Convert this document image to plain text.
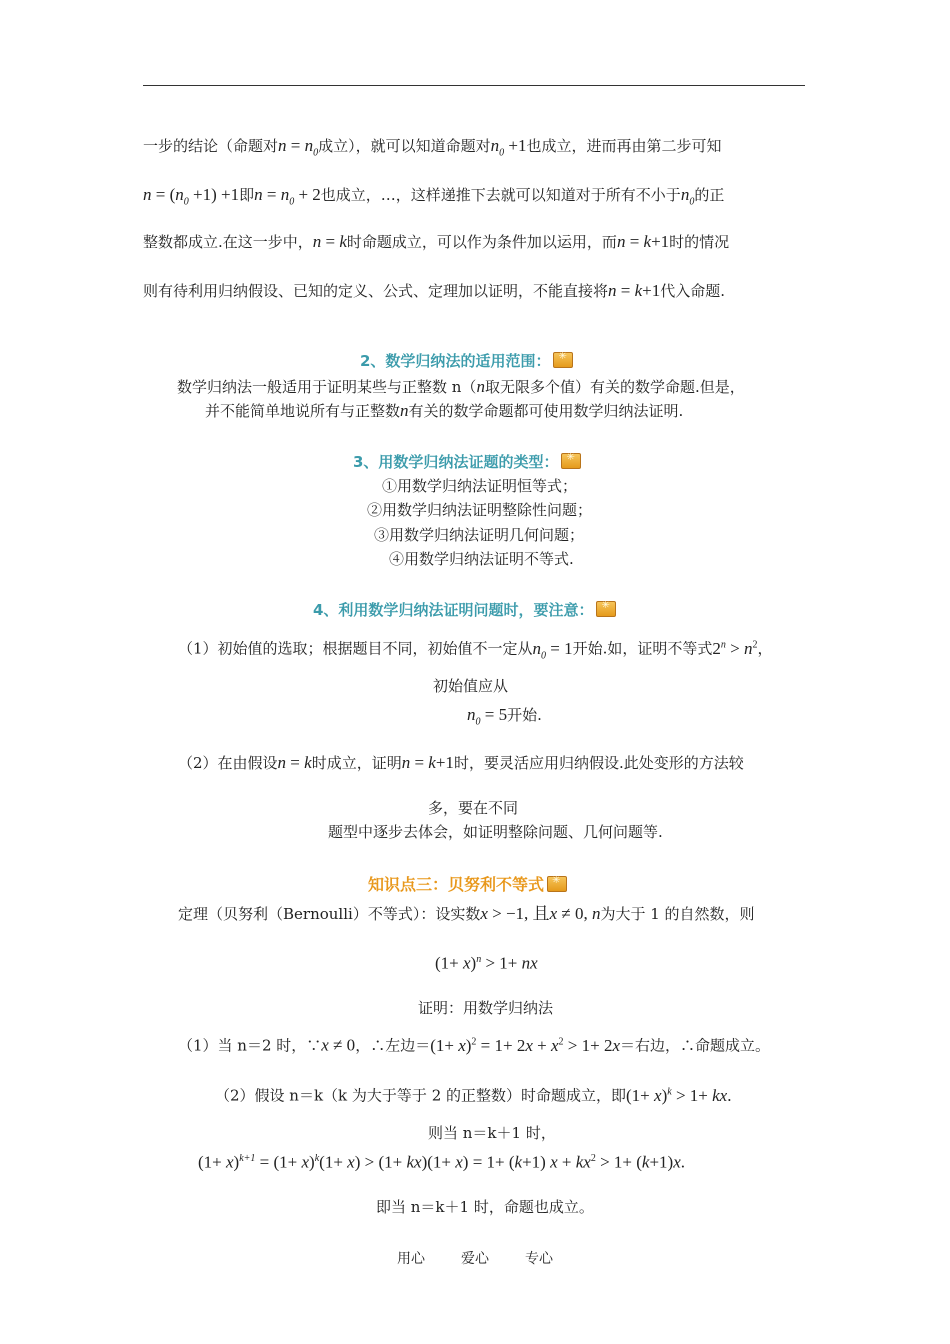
一步的结论（命题对$n = n_0$成立），就可以知道命题对$n_0 +1$也成立，进而再由第二步可知
$n = (n_0 +1) +1$即$n = n_0 + 2$也成立，…，这样递推下去就可以知道对于所有不小于$n_0$的正
整数都成立.在这一步中，n = k时命题成立，可以作为条件加以运用，而n = k+1时的情况
则有待利用归纳假设、已知的定义、公式、定理加以证明，不能直接将n = k+1代入命题.
2、数学归纳法的适用范围：✳
数学归纳法一般适用于证明某些与正整数 n（n取无限多个值）有关的数学命题.但是，
并不能简单地说所有与正整数n有关的数学命题都可使用数学归纳法证明.
3、用数学归纳法证题的类型：✳
①用数学归纳法证明恒等式；
②用数学归纳法证明整除性问题；
③用数学归纳法证明几何问题；
④用数学归纳法证明不等式.
4、利用数学归纳法证明问题时，要注意：✳
（1）初始值的选取；根据题目不同，初始值不一定从$n_0 = 1$开始.如，证明不等式$2^n > n^2$，
初始值应从
$n_0 = 5$开始.
（2）在由假设n = k时成立，证明n = k+1时，要灵活应用归纳假设.此处变形的方法较
多，要在不同
题型中逐步去体会，如证明整除问题、几何问题等.
知识点三：贝努利不等式✳
定理（贝努利（Bernoulli）不等式）：设实数x > −1, 且x ≠ 0, n为大于 1 的自然数，则
$(1+ x)^n > 1+$ nx
证明：用数学归纳法
（1）当 n＝2 时，∵x ≠ 0，∴左边$=(1+ x)^2 = 1+ 2x + x^2 > 1+ 2x=$右边，∴命题成立。
（2）假设 n＝k（k 为大于等于 2 的正整数）时命题成立，即$(1+ x)^k > 1+$ kx.
则当 n＝k＋1 时，
$(1+ x)^{k+1} = (1+ x)^k(1+ x) > (1+ kx)(1+ x) = 1+ (k+1)$ $x + kx^2 > 1+ (k+1)x$.
即当 n＝k＋1 时，命题也成立。
用心	爱心	专心
